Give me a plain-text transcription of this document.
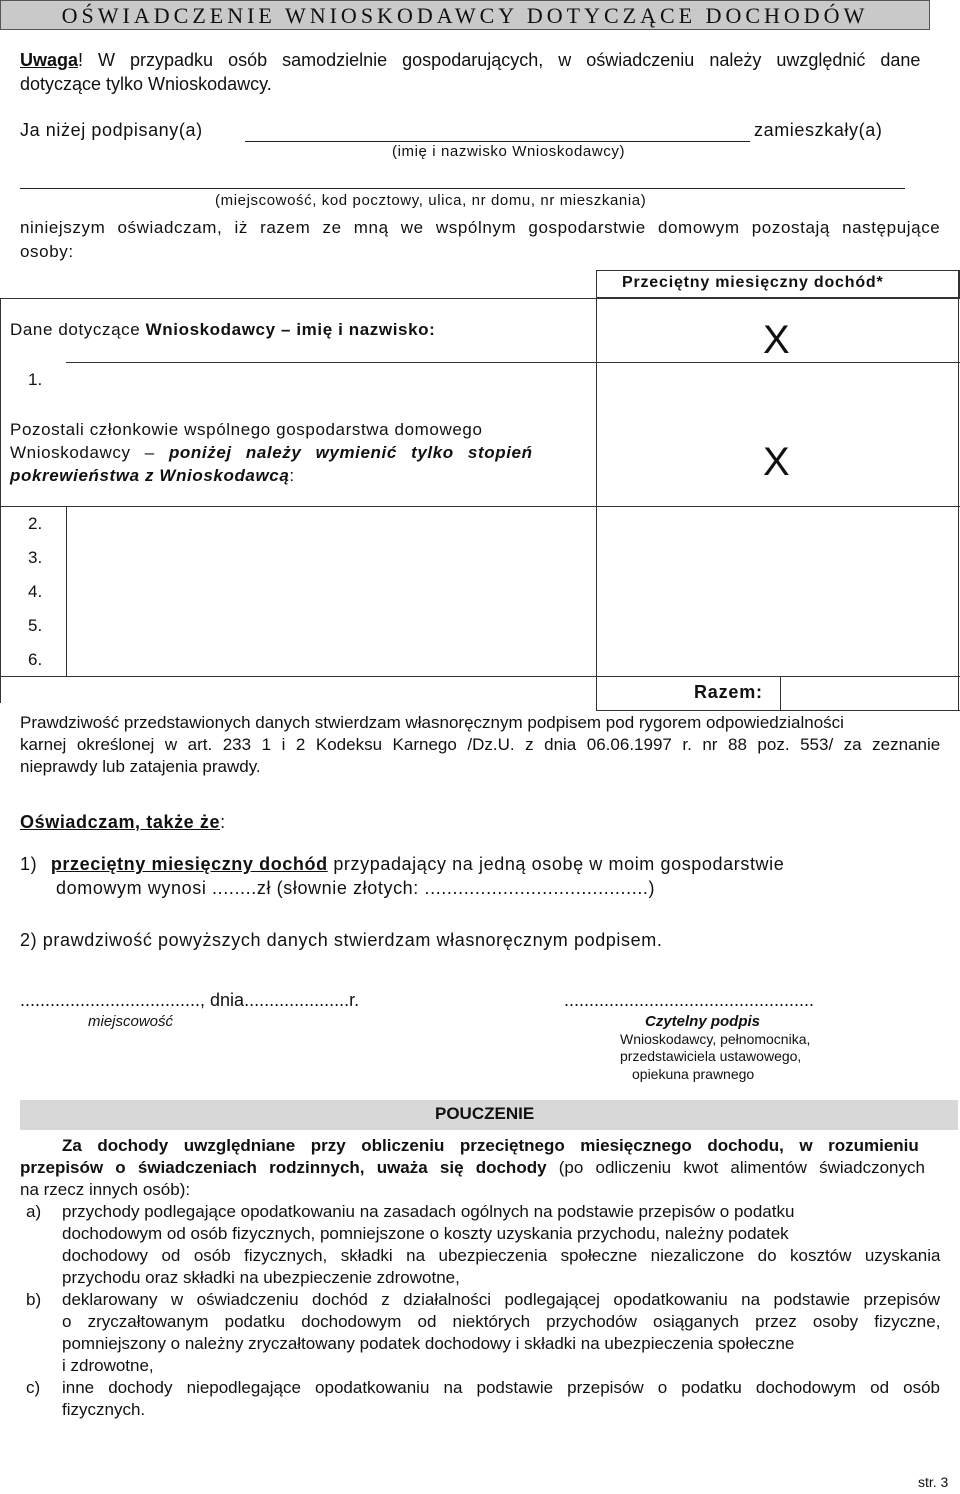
OŚWIADCZENIE WNIOSKODAWCY DOTYCZĄCE DOCHODÓW
Uwaga! W przypadku osób samodzielnie gospodarujących, w oświadczeniu należy uwzględnić dane
dotyczące tylko Wnioskodawcy.
Ja niżej podpisany(a)	zamieszkały(a)
(imię i nazwisko Wnioskodawcy)
(miejscowość, kod pocztowy, ulica, nr domu, nr mieszkania)
niniejszym oświadczam, iż razem ze mną we wspólnym gospodarstwie domowym pozostają następujące
osoby:
Przeciętny miesięczny dochód*
Dane dotyczące Wnioskodawcy – imię i nazwisko:	X
1.
Pozostali członkowie wspólnego gospodarstwa domowego
Wnioskodawcy – poniżej należy wymienić tylko stopień
pokrewieństwa z Wnioskodawcą:	X
2.
3.
4.
5.
6.
Razem:
Prawdziwość przedstawionych danych stwierdzam własnoręcznym podpisem pod rygorem odpowiedzialności
karnej określonej w art. 233 1 i 2 Kodeksu Karnego /Dz.U. z dnia 06.06.1997 r. nr 88 poz. 553/ za zeznanie
nieprawdy lub zatajenia prawdy.
Oświadczam, także że:
1) przeciętny miesięczny dochód przypadający na jedną osobę w moim gospodarstwie
domowym wynosi ........zł (słownie złotych: ........................................)
2) prawdziwość powyższych danych stwierdzam własnoręcznym podpisem.
...................................., dnia.....................r.
miejscowość
..................................................
Czytelny podpis
Wnioskodawcy, pełnomocnika,
przedstawiciela ustawowego,
opiekuna prawnego
POUCZENIE
Za dochody uwzględniane przy obliczeniu przeciętnego miesięcznego dochodu, w rozumieniu
przepisów o świadczeniach rodzinnych, uważa się dochody (po odliczeniu kwot alimentów świadczonych
na rzecz innych osób):
a) przychody podlegające opodatkowaniu na zasadach ogólnych na podstawie przepisów o podatku
dochodowym od osób fizycznych, pomniejszone o koszty uzyskania przychodu, należny podatek
dochodowy od osób fizycznych, składki na ubezpieczenia społeczne niezaliczone do kosztów uzyskania
przychodu oraz składki na ubezpieczenie zdrowotne,
b) deklarowany w oświadczeniu dochód z działalności podlegającej opodatkowaniu na podstawie przepisów
o zryczałtowanym podatku dochodowym od niektórych przychodów osiąganych przez osoby fizyczne,
pomniejszony o należny zryczałtowany podatek dochodowy i składki na ubezpieczenia społeczne
i zdrowotne,
c) inne dochody niepodlegające opodatkowaniu na podstawie przepisów o podatku dochodowym od osób
fizycznych.
str. 3
